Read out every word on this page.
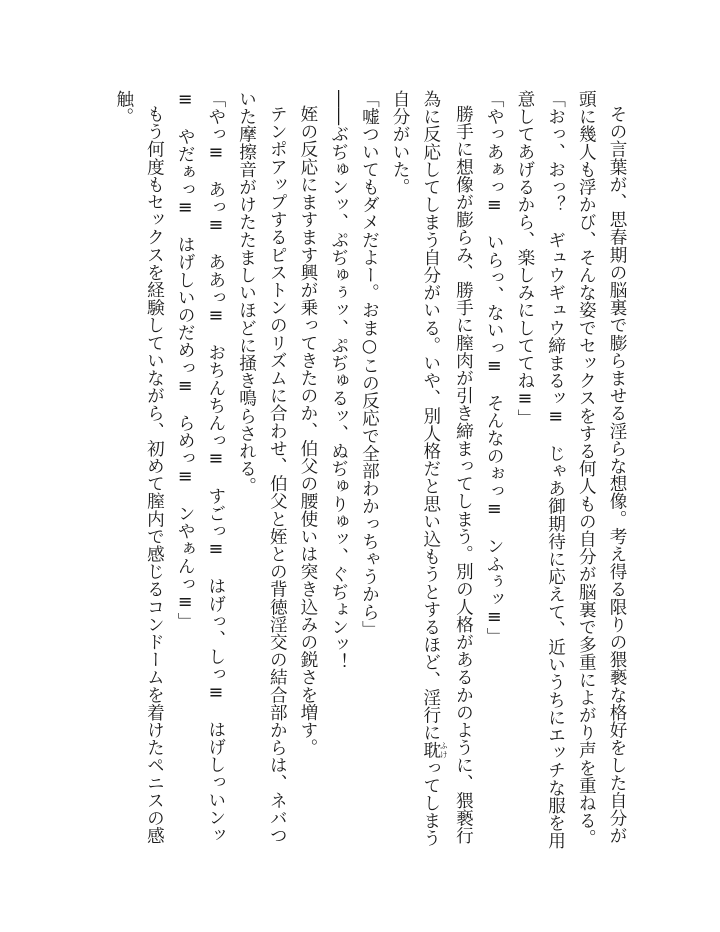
その言葉が、思春期の脳裏で膨らませる淫らな想像。考え得る限りの猥褻な格好をした自分が
頭に幾人も浮かび、そんな姿でセックスをする何人もの自分が脳裏で多重によがり声を重ねる。
「おっ、おっ？　ギュウギュウ締まるッ≡　じゃあ御期待に応えて、近いうちにエッチな服を用
意してあげるから、楽しみにしててね≡」
「やっあぁっ≡　いらっ、ないっ≡　そんなのぉっ≡　ンふぅッ≡」
勝手に想像が膨らみ、勝手に膣肉が引き締まってしまう。別の人格があるかのように、猥褻行
為に反応してしまう自分がいる。いや、別人格だと思い込もうとするほど、淫行に耽ふけってしまう
自分がいた。
「嘘ついてもダメだよー。おま○この反応で全部わかっちゃうから」
――ぶぢゅンッ、ぷぢゅぅッ、ぷぢゅるッ、ぬぢゅりゅッ、ぐぢょンッ！
姪の反応にますます興が乗ってきたのか、伯父の腰使いは突き込みの鋭さを増す。
テンポアップするピストンのリズムに合わせ、伯父と姪との背徳淫交の結合部からは、ネバつ
いた摩擦音がけたたましいほどに掻き鳴らされる。
「やっ≡　あっ≡　ああっ≡　おちんちんっ≡　すごっ≡　はげっ、しっ≡　はげしっいンッ
≡　やだぁっ≡　はげしいのだめっ≡　らめっ≡　ンやぁんっ≡」
もう何度もセックスを経験していながら、初めて膣内で感じるコンドームを着けたペニスの感
触。
